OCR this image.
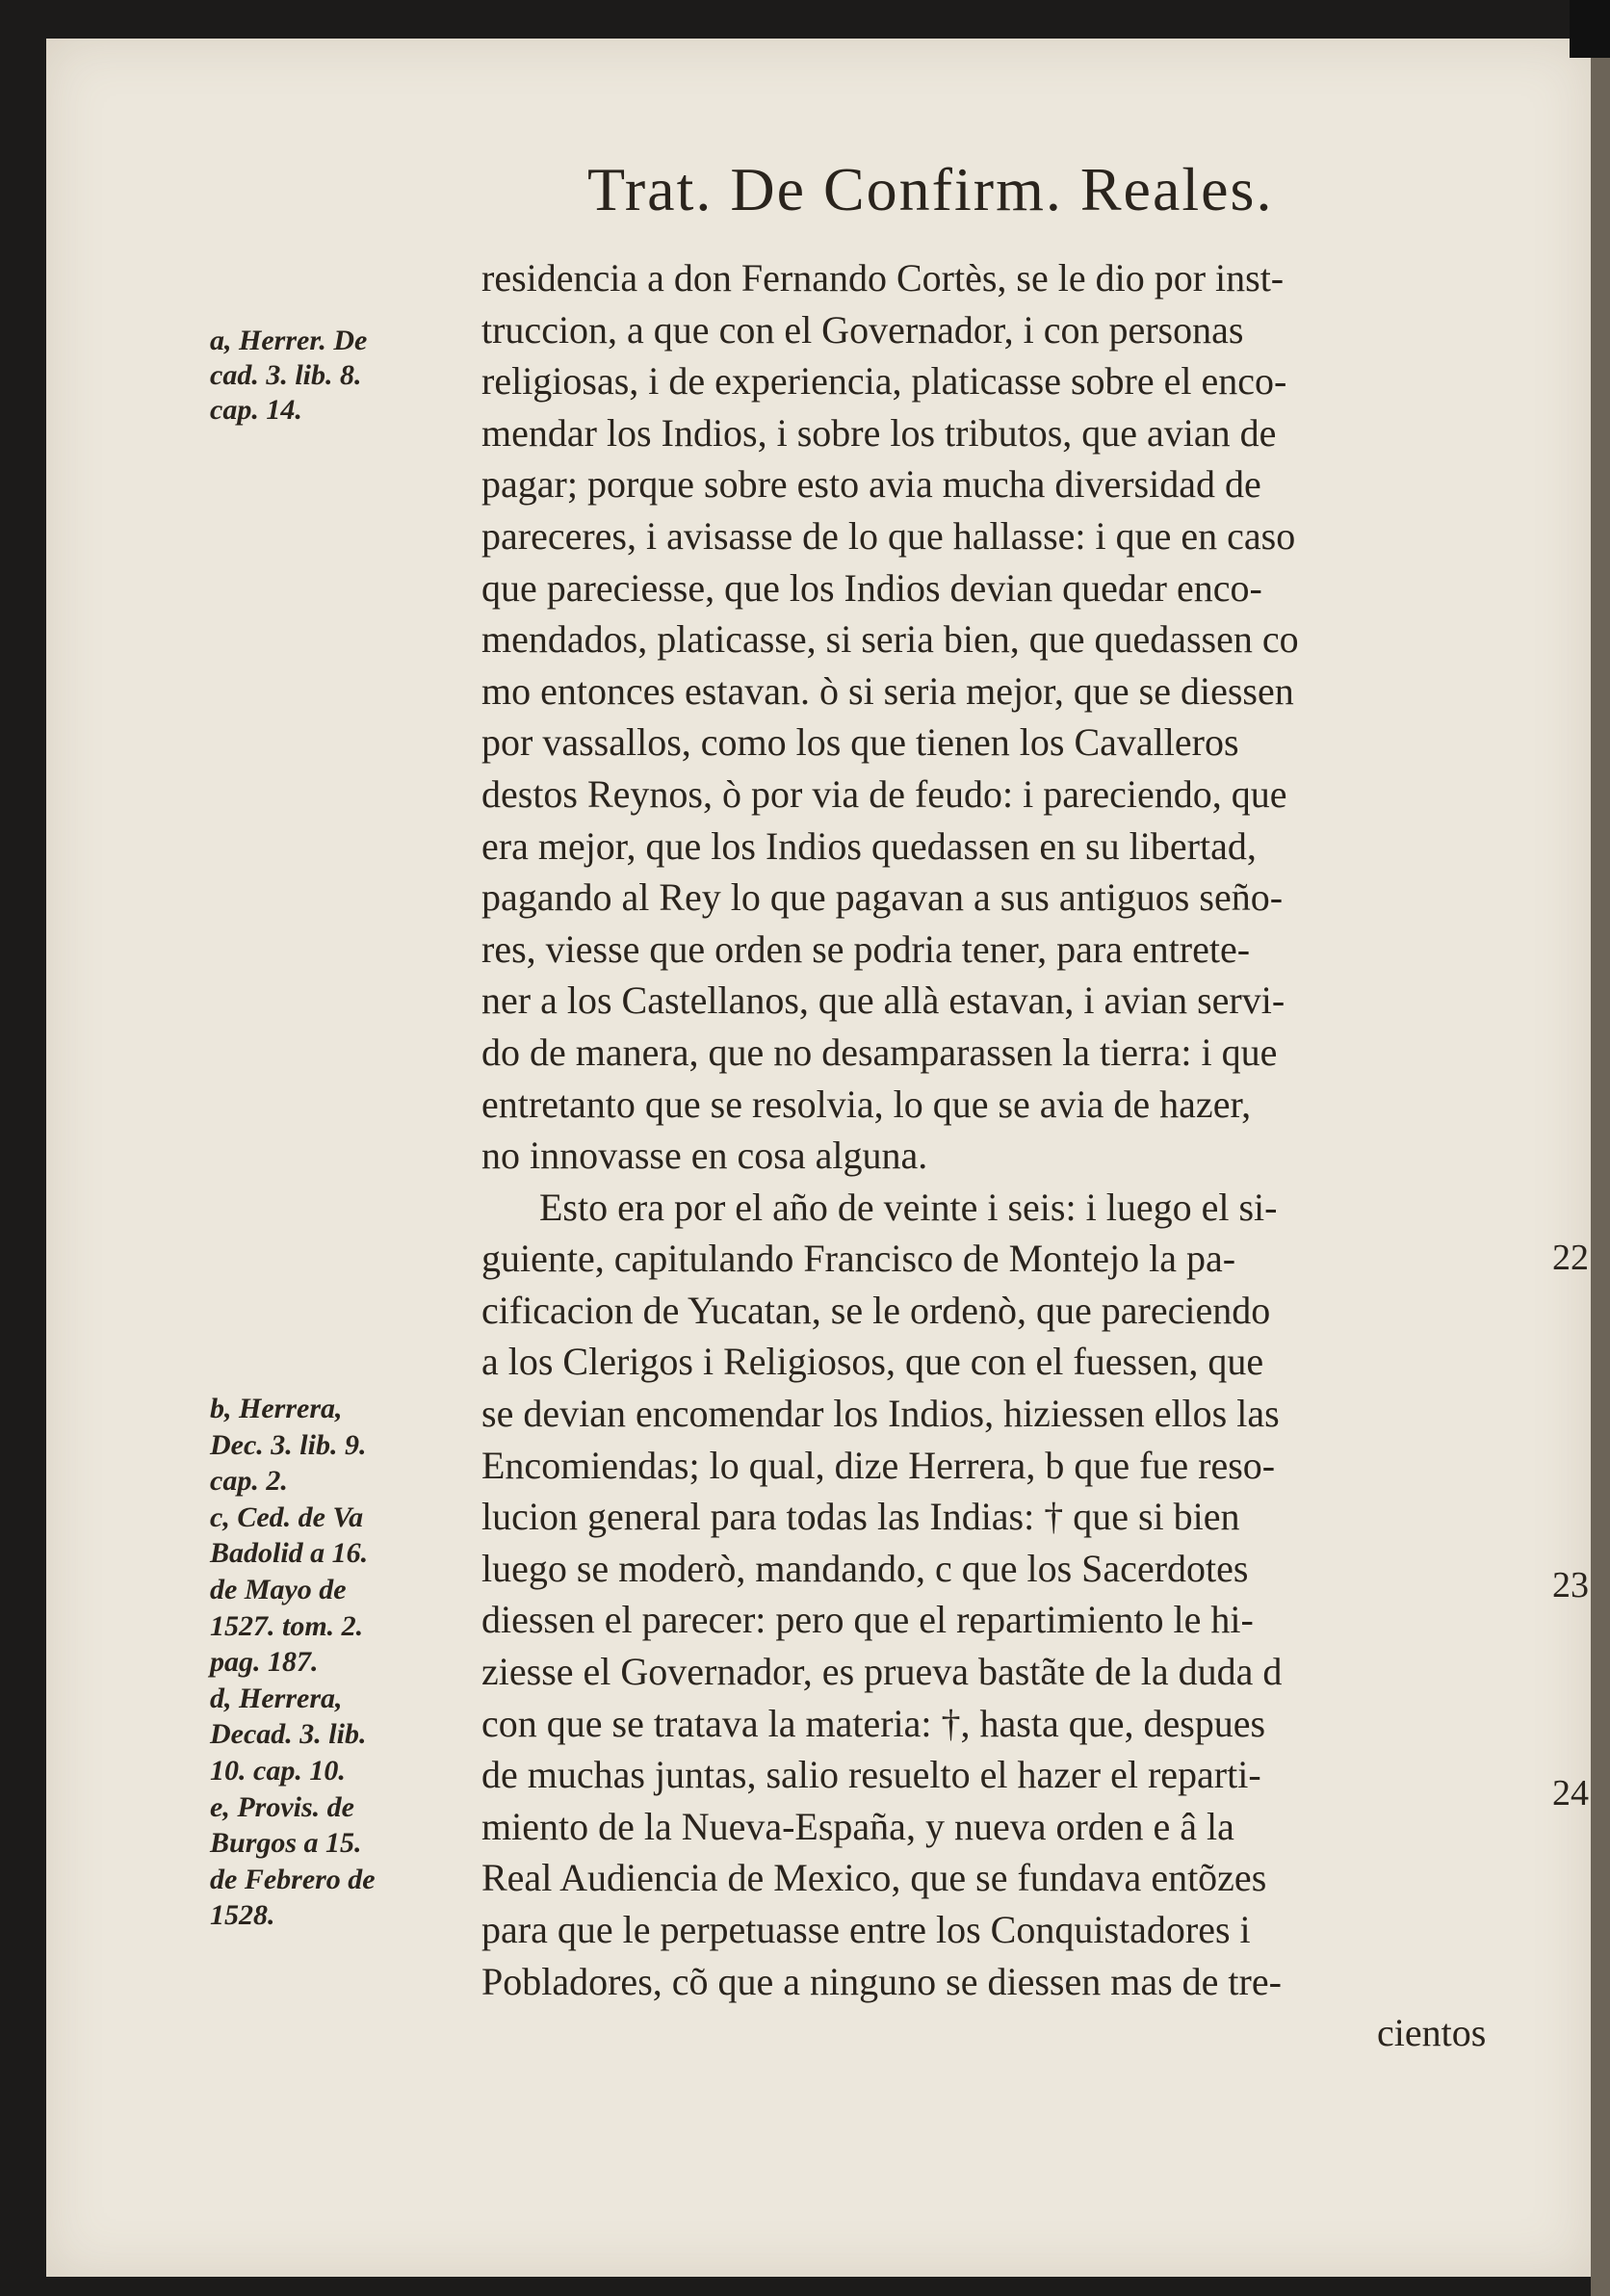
Trat. De Confirm. Reales.
residencia a don Fernando Cortès, se le dio por inst-
truccion, a que con el Governador, i con personas
religiosas, i de experiencia, platicasse sobre el enco-
mendar los Indios, i sobre los tributos, que avian de
pagar; porque sobre esto avia mucha diversidad de
pareceres, i avisasse de lo que hallasse: i que en caso
que pareciesse, que los Indios devian quedar enco-
mendados, platicasse, si seria bien, que quedassen co
mo entonces estavan. ò si seria mejor, que se diessen
por vassallos, como los que tienen los Cavalleros
destos Reynos, ò por via de feudo: i pareciendo, que
era mejor, que los Indios quedassen en su libertad,
pagando al Rey lo que pagavan a sus antiguos seño-
res, viesse que orden se podria tener, para entrete-
ner a los Castellanos, que allà estavan, i avian servi-
do de manera, que no desamparassen la tierra: i que
entretanto que se resolvia, lo que se avia de hazer,
no innovasse en cosa alguna.
Esto era por el año de veinte i seis: i luego el si-
guiente, capitulando Francisco de Montejo la pa-
cificacion de Yucatan, se le ordenò, que pareciendo
a los Clerigos i Religiosos, que con el fuessen, que
se devian encomendar los Indios, hiziessen ellos las
Encomiendas; lo qual, dize Herrera, b que fue reso-
lucion general para todas las Indias: † que si bien
luego se moderò, mandando, c que los Sacerdotes
diessen el parecer: pero que el repartimiento le hi-
ziesse el Governador, es prueva bastãte de la duda d
con que se tratava la materia: †, hasta que, despues
de muchas juntas, salio resuelto el hazer el reparti-
miento de la Nueva-España, y nueva orden e â la
Real Audiencia de Mexico, que se fundava entõzes
para que le perpetuasse entre los Conquistadores i
Pobladores, cõ que a ninguno se diessen mas de tre-
cientos
a, Herrer. De
cad. 3. lib. 8.
cap. 14.
b, Herrera,
Dec. 3. lib. 9.
cap. 2.
c, Ced. de Va
Badolid a 16.
de Mayo de
1527. tom. 2.
pag. 187.
d, Herrera,
Decad. 3. lib.
10. cap. 10.
e, Provis. de
Burgos a 15.
de Febrero de
1528.
22
23
24
